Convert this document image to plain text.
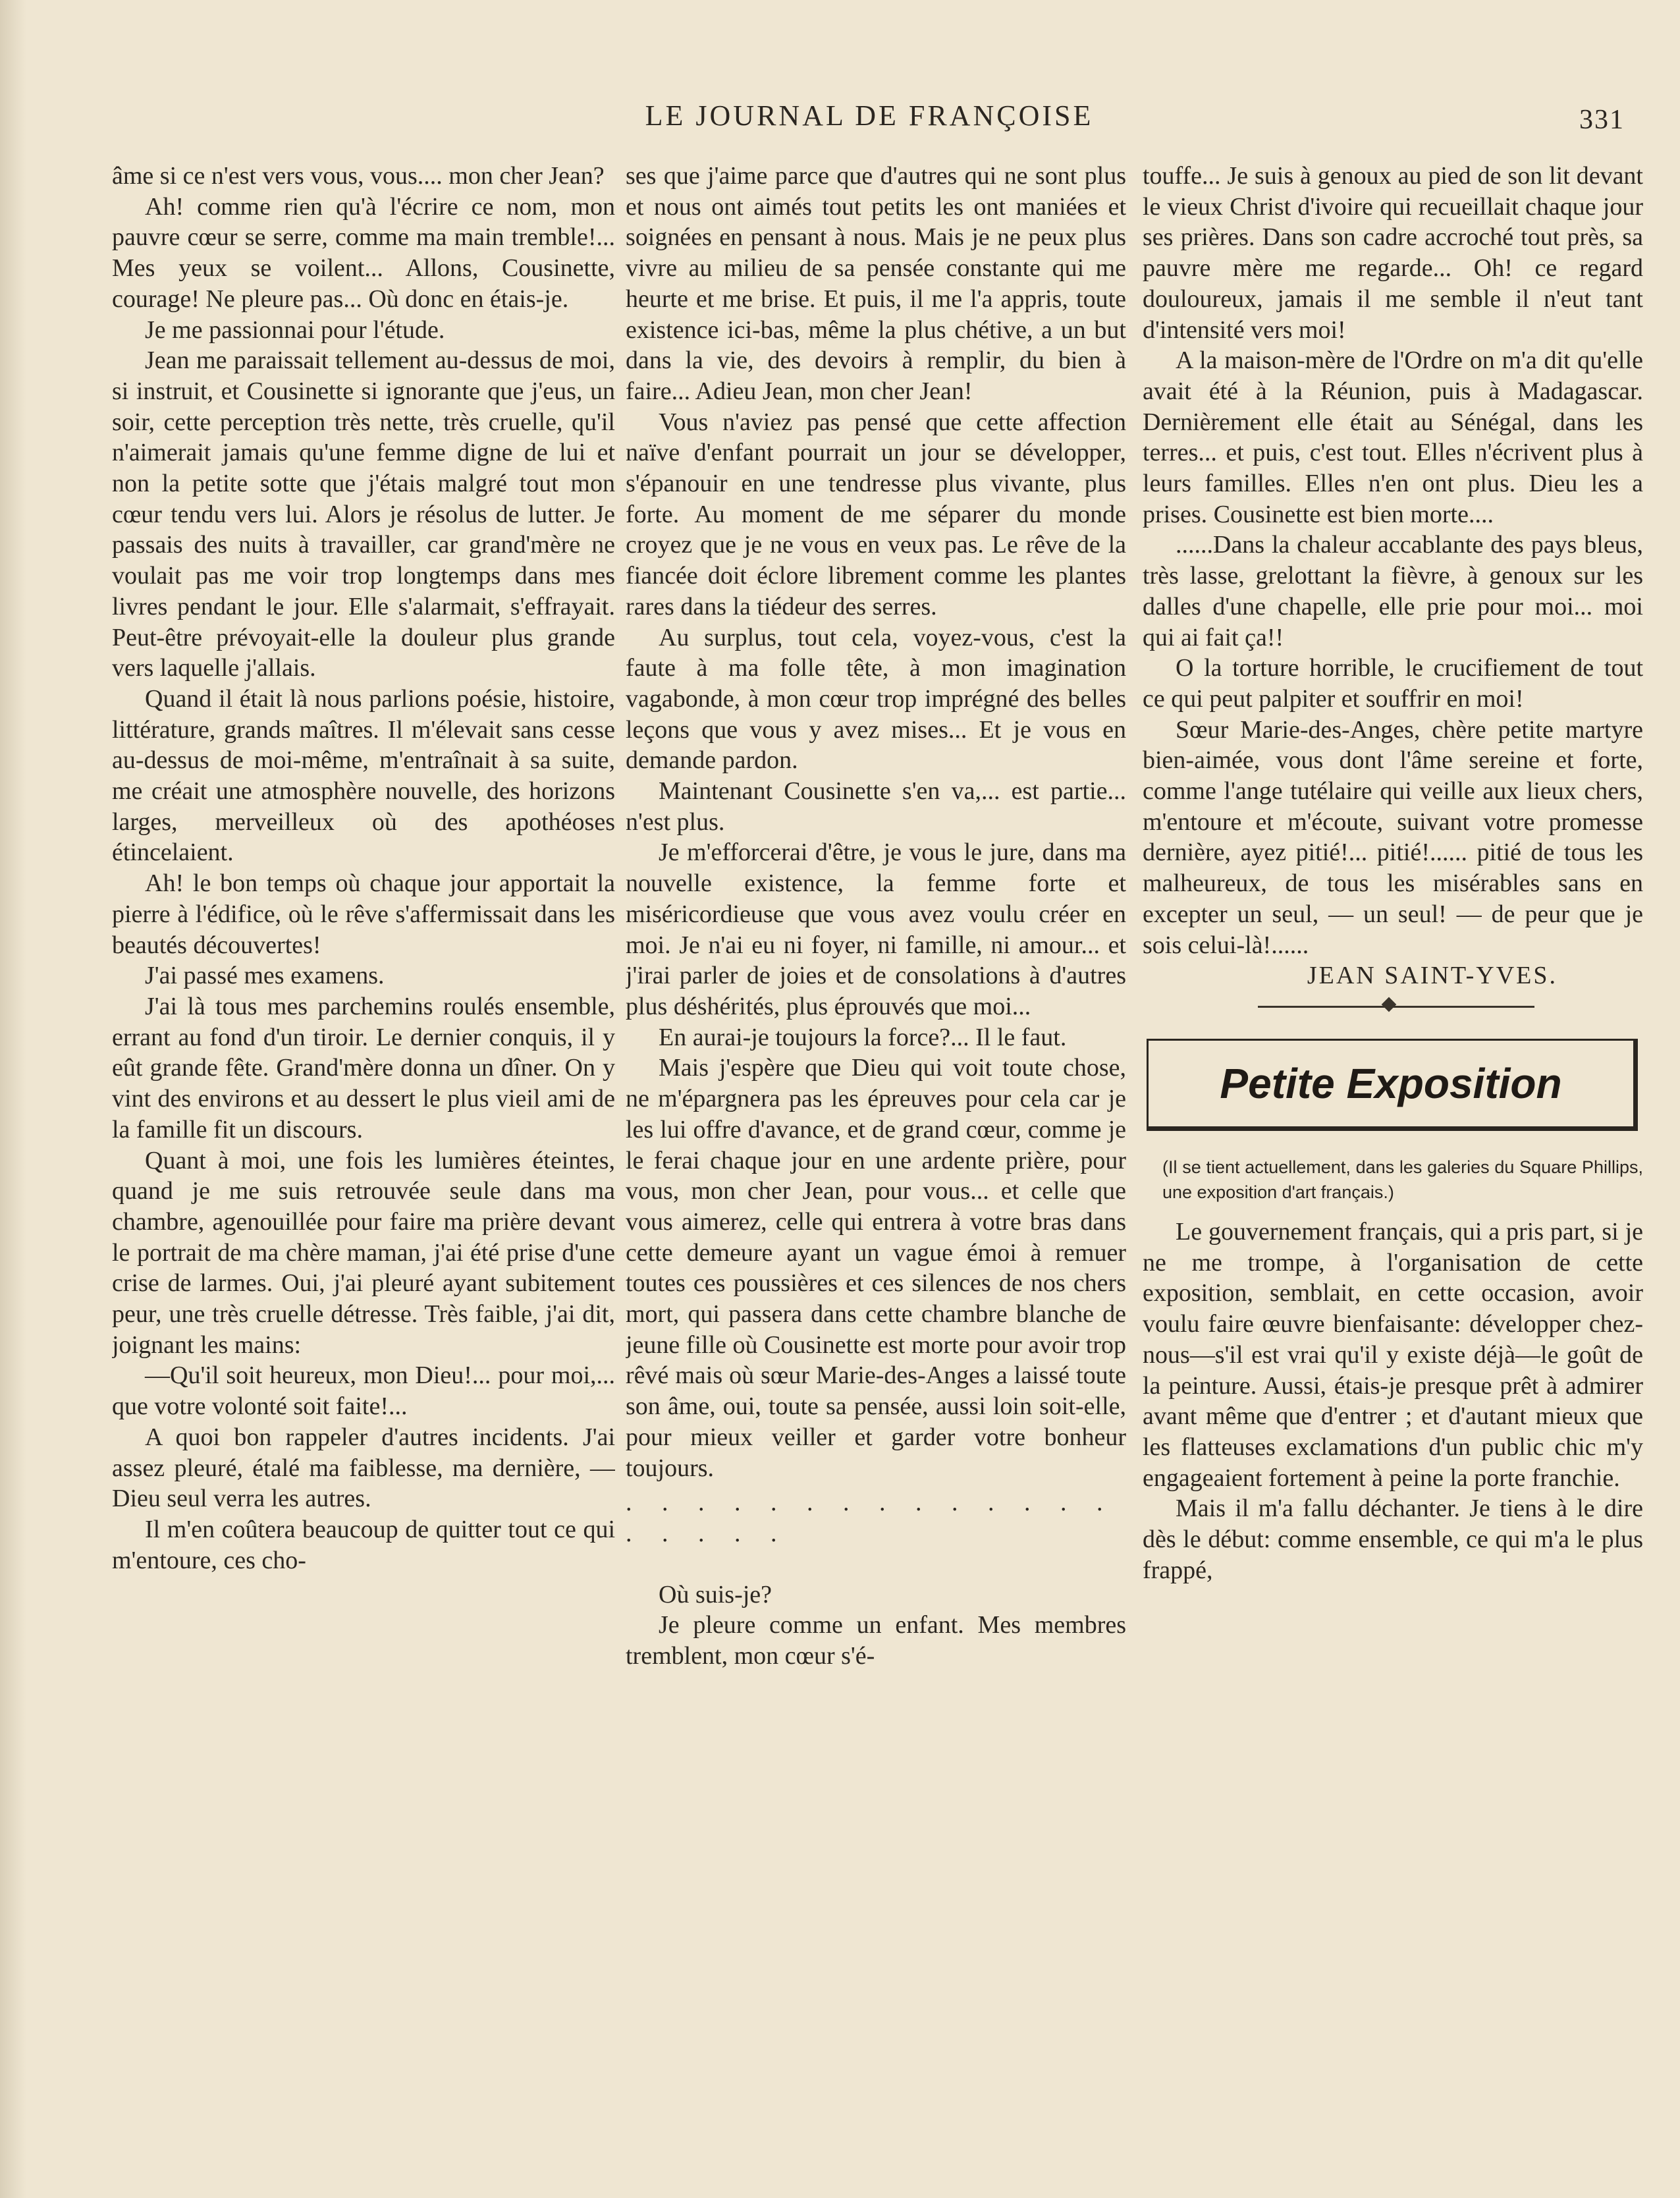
LE JOURNAL DE FRANÇOISE	331

âme si ce n'est vers vous, vous.... mon cher Jean?

Ah! comme rien qu'à l'écrire ce nom, mon pauvre cœur se serre, comme ma main tremble!... Mes yeux se voilent... Allons, Cousinette, courage! Ne pleure pas... Où donc en étais-je.

Je me passionnai pour l'étude.

Jean me paraissait tellement au-dessus de moi, si instruit, et Cousinette si ignorante que j'eus, un soir, cette perception très nette, très cruelle, qu'il n'aimerait jamais qu'une femme digne de lui et non la petite sotte que j'étais malgré tout mon cœur tendu vers lui. Alors je résolus de lutter. Je passais des nuits à travailler, car grand'mère ne voulait pas me voir trop longtemps dans mes livres pendant le jour. Elle s'alarmait, s'effrayait. Peut-être prévoyait-elle la douleur plus grande vers laquelle j'allais.

Quand il était là nous parlions poésie, histoire, littérature, grands maîtres. Il m'élevait sans cesse au-dessus de moi-même, m'entraînait à sa suite, me créait une atmosphère nouvelle, des horizons larges, merveilleux où des apothéoses étincelaient.

Ah! le bon temps où chaque jour apportait la pierre à l'édifice, où le rêve s'affermissait dans les beautés découvertes!

J'ai passé mes examens.

J'ai là tous mes parchemins roulés ensemble, errant au fond d'un tiroir. Le dernier conquis, il y eût grande fête. Grand'mère donna un dîner. On y vint des environs et au dessert le plus vieil ami de la famille fit un discours.

Quant à moi, une fois les lumières éteintes, quand je me suis retrouvée seule dans ma chambre, agenouillée pour faire ma prière devant le portrait de ma chère maman, j'ai été prise d'une crise de larmes. Oui, j'ai pleuré ayant subitement peur, une très cruelle détresse. Très faible, j'ai dit, joignant les mains:

—Qu'il soit heureux, mon Dieu!... pour moi,... que votre volonté soit faite!...

A quoi bon rappeler d'autres incidents. J'ai assez pleuré, étalé ma faiblesse, ma dernière, — Dieu seul verra les autres.

Il m'en coûtera beaucoup de quitter tout ce qui m'entoure, ces cho-

ses que j'aime parce que d'autres qui ne sont plus et nous ont aimés tout petits les ont maniées et soignées en pensant à nous. Mais je ne peux plus vivre au milieu de sa pensée constante qui me heurte et me brise. Et puis, il me l'a appris, toute existence ici-bas, même la plus chétive, a un but dans la vie, des devoirs à remplir, du bien à faire... Adieu Jean, mon cher Jean!

Vous n'aviez pas pensé que cette affection naïve d'enfant pourrait un jour se développer, s'épanouir en une tendresse plus vivante, plus forte. Au moment de me séparer du monde croyez que je ne vous en veux pas. Le rêve de la fiancée doit éclore librement comme les plantes rares dans la tiédeur des serres.

Au surplus, tout cela, voyez-vous, c'est la faute à ma folle tête, à mon imagination vagabonde, à mon cœur trop imprégné des belles leçons que vous y avez mises... Et je vous en demande pardon.

Maintenant Cousinette s'en va,... est partie... n'est plus.

Je m'efforcerai d'être, je vous le jure, dans ma nouvelle existence, la femme forte et miséricordieuse que vous avez voulu créer en moi. Je n'ai eu ni foyer, ni famille, ni amour... et j'irai parler de joies et de consolations à d'autres plus déshérités, plus éprouvés que moi...

En aurai-je toujours la force?... Il le faut.

Mais j'espère que Dieu qui voit toute chose, ne m'épargnera pas les épreuves pour cela car je les lui offre d'avance, et de grand cœur, comme je le ferai chaque jour en une ardente prière, pour vous, mon cher Jean, pour vous... et celle que vous aimerez, celle qui entrera à votre bras dans cette demeure ayant un vague émoi à remuer toutes ces poussières et ces silences de nos chers mort, qui passera dans cette chambre blanche de jeune fille où Cousinette est morte pour avoir trop rêvé mais où sœur Marie-des-Anges a laissé toute son âme, oui, toute sa pensée, aussi loin soit-elle, pour mieux veiller et garder votre bonheur toujours.

. . . . . . . . . . . . . . . . . . .

Où suis-je?

Je pleure comme un enfant. Mes membres tremblent, mon cœur s'é-

touffe... Je suis à genoux au pied de son lit devant le vieux Christ d'ivoire qui recueillait chaque jour ses prières. Dans son cadre accroché tout près, sa pauvre mère me regarde... Oh! ce regard douloureux, jamais il me semble il n'eut tant d'intensité vers moi!

A la maison-mère de l'Ordre on m'a dit qu'elle avait été à la Réunion, puis à Madagascar. Dernièrement elle était au Sénégal, dans les terres... et puis, c'est tout. Elles n'écrivent plus à leurs familles. Elles n'en ont plus. Dieu les a prises. Cousinette est bien morte....

......Dans la chaleur accablante des pays bleus, très lasse, grelottant la fièvre, à genoux sur les dalles d'une chapelle, elle prie pour moi... moi qui ai fait ça!!

O la torture horrible, le crucifiement de tout ce qui peut palpiter et souffrir en moi!

Sœur Marie-des-Anges, chère petite martyre bien-aimée, vous dont l'âme sereine et forte, comme l'ange tutélaire qui veille aux lieux chers, m'entoure et m'écoute, suivant votre promesse dernière, ayez pitié!... pitié!...... pitié de tous les malheureux, de tous les misérables sans en excepter un seul, — un seul! — de peur que je sois celui-là!......

JEAN SAINT-YVES.

Petite Exposition

(Il se tient actuellement, dans les galeries du Square Phillips, une exposition d'art français.)

Le gouvernement français, qui a pris part, si je ne me trompe, à l'organisation de cette exposition, semblait, en cette occasion, avoir voulu faire œuvre bienfaisante: développer chez-nous—s'il est vrai qu'il y existe déjà—le goût de la peinture. Aussi, étais-je presque prêt à admirer avant même que d'entrer ; et d'autant mieux que les flatteuses exclamations d'un public chic m'y engageaient fortement à peine la porte franchie.

Mais il m'a fallu déchanter. Je tiens à le dire dès le début: comme ensemble, ce qui m'a le plus frappé,
